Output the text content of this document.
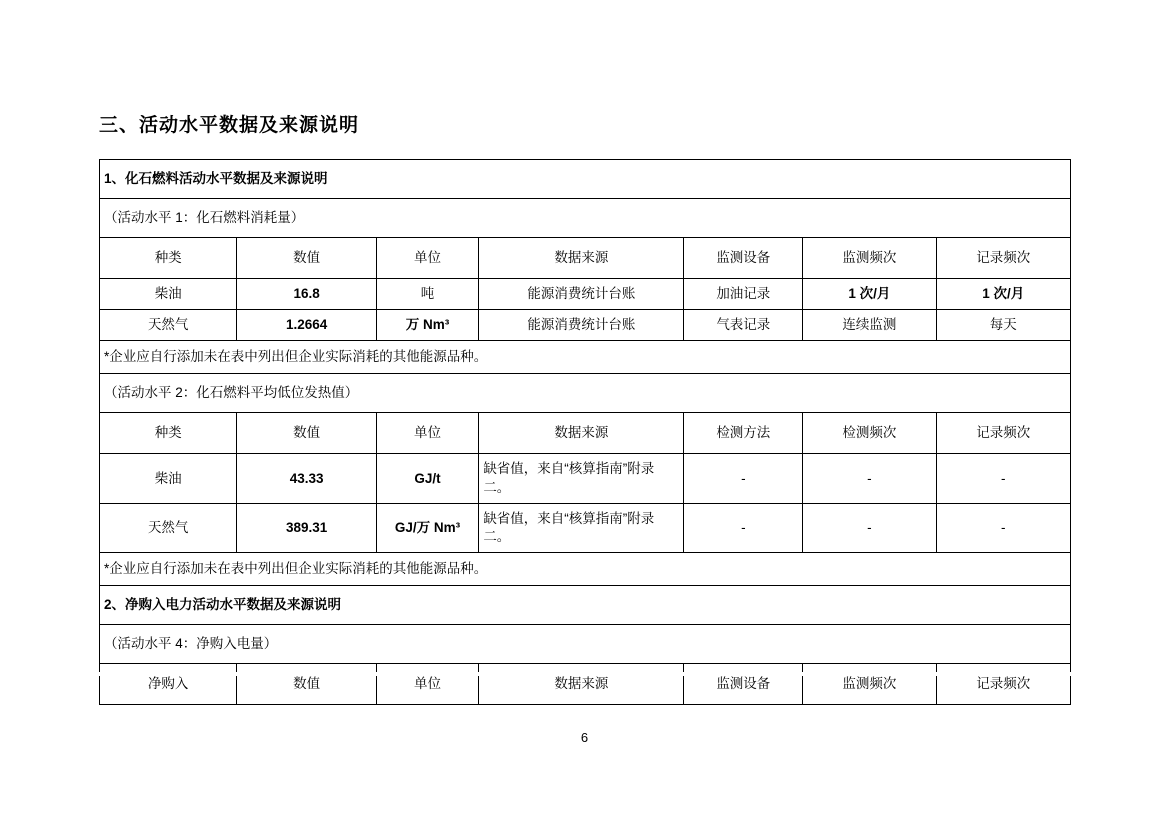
三、活动水平数据及来源说明
1、化石燃料活动水平数据及来源说明						
（活动水平 1：化石燃料消耗量）						
种类	数值	单位	数据来源	监测设备	监测频次	记录频次
柴油	16.8	吨	能源消费统计台账	加油记录	1 次/月	1 次/月
天然气	1.2664	万 Nm³	能源消费统计台账	气表记录	连续监测	每天
*企业应自行添加未在表中列出但企业实际消耗的其他能源品种。						
（活动水平 2：化石燃料平均低位发热值）						
种类	数值	单位	数据来源	检测方法	检测频次	记录频次
柴油	43.33	GJ/t	缺省值，来自“核算指南”附录二。	-	-	-
天然气	389.31	GJ/万 Nm³	缺省值，来自“核算指南”附录二。	-	-	-
*企业应自行添加未在表中列出但企业实际消耗的其他能源品种。						
2、净购入电力活动水平数据及来源说明						
（活动水平 4：净购入电量）						
净购入	数值	单位	数据来源	监测设备	监测频次	记录频次
6
